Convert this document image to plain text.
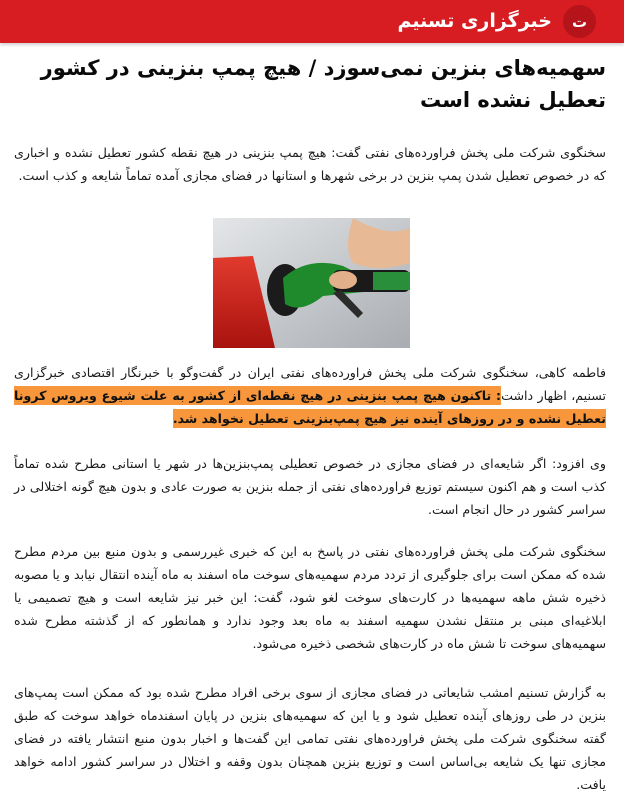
ت
خبرگزاری تسنیم
سهمیه‌های بنزین نمی‌سوزد / هیچ پمپ بنزینی در کشور تعطیل نشده است

سخنگوی شرکت ملی پخش فراورده‌های نفتی گفت: هیچ پمپ بنزینی در هیچ نقطه کشور تعطیل نشده و اخباری که در خصوص تعطیل شدن پمپ بنزین در برخی شهرها و استانها در فضای مجازی آمده تماماً شایعه و کذب است.

فاطمه کاهی، سخنگوی شرکت ملی پخش فراورده‌های نفتی ایران در گفت‌وگو با خبرنگار اقتصادی خبرگزاری تسنیم، اظهار داشت: تاکنون هیچ پمپ بنزینی در هیچ نقطه‌ای از کشور به علت شیوع ویروس کرونا تعطیل نشده و در روزهای آینده نیز هیچ پمپ‌بنزینی تعطیل نخواهد شد.

وی افزود: اگر شایعه‌ای در فضای مجازی در خصوص تعطیلی پمپ‌بنزین‌ها در شهر یا استانی مطرح شده تماماً کذب است و هم اکنون سیستم توزیع فراورده‌های نفتی از جمله بنزین به صورت عادی و بدون هیچ گونه اختلالی در سراسر کشور در حال انجام است.

سخنگوی شرکت ملی پخش فراورده‌های نفتی در پاسخ به این که خبری غیررسمی و بدون منبع بین مردم مطرح شده که ممکن است برای جلوگیری از تردد مردم سهمیه‌های سوخت ماه اسفند به ماه آینده انتقال نیابد و یا مصوبه ذخیره شش ماهه سهمیه‌ها در کارت‌های سوخت لغو شود، گفت: این خبر نیز شایعه است و هیچ تصمیمی یا ابلاغیه‌ای مبنی بر منتقل نشدن سهمیه اسفند به ماه بعد وجود ندارد و همانطور که از گذشته مطرح شده سهمیه‌های سوخت تا شش ماه در کارت‌های شخصی ذخیره می‌شود.

به گزارش تسنیم امشب شایعاتی در فضای مجازی از سوی برخی افراد مطرح شده بود که ممکن است پمپ‌های بنزین در طی روزهای آینده تعطیل شود و یا این که سهمیه‌های بنزین در پایان اسفندماه خواهد سوخت که طبق گفته سخنگوی شرکت ملی پخش فراورده‌های نفتی تمامی این گفت‌ها و اخبار بدون منبع انتشار یافته در فضای مجازی تنها یک شایعه بی‌اساس است و توزیع بنزین همچنان بدون وقفه و اختلال در سراسر کشور ادامه خواهد یافت.
